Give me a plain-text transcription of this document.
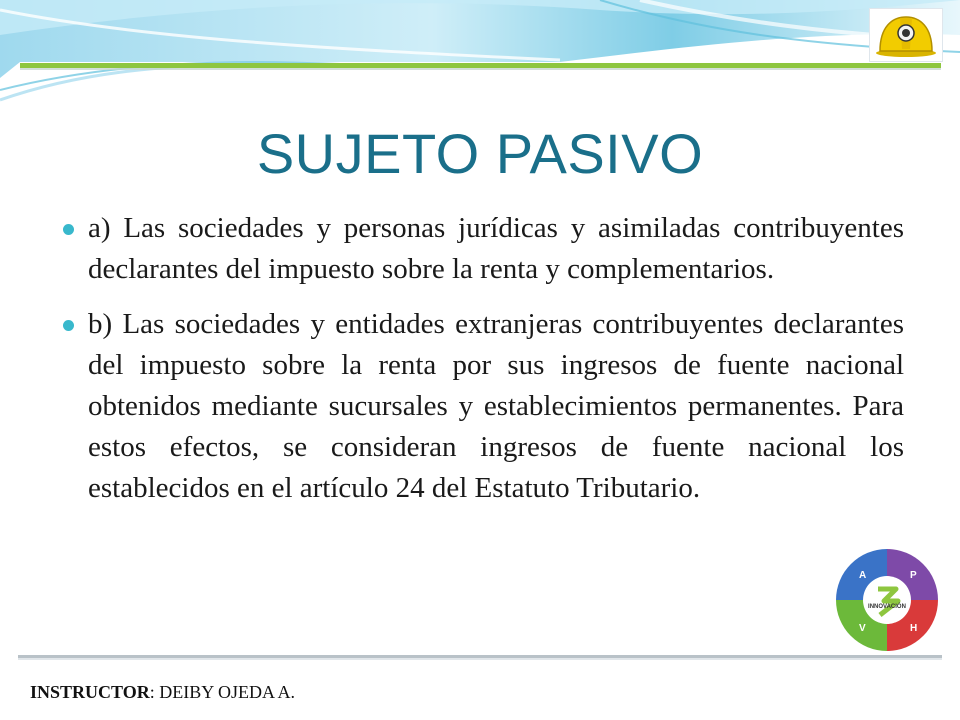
SUJETO PASIVO
a) Las sociedades y personas jurídicas y asimiladas contribuyentes declarantes del impuesto sobre la renta y complementarios.
b) Las sociedades y entidades extranjeras contribuyentes declarantes del impuesto sobre la renta por sus ingresos de fuente nacional obtenidos mediante sucursales y establecimientos permanentes. Para estos efectos, se consideran ingresos de fuente nacional los establecidos en el artículo 24 del Estatuto Tributario.
A	P
V	H
INNOVACIÓN
INSTRUCTOR: DEIBY OJEDA A.
